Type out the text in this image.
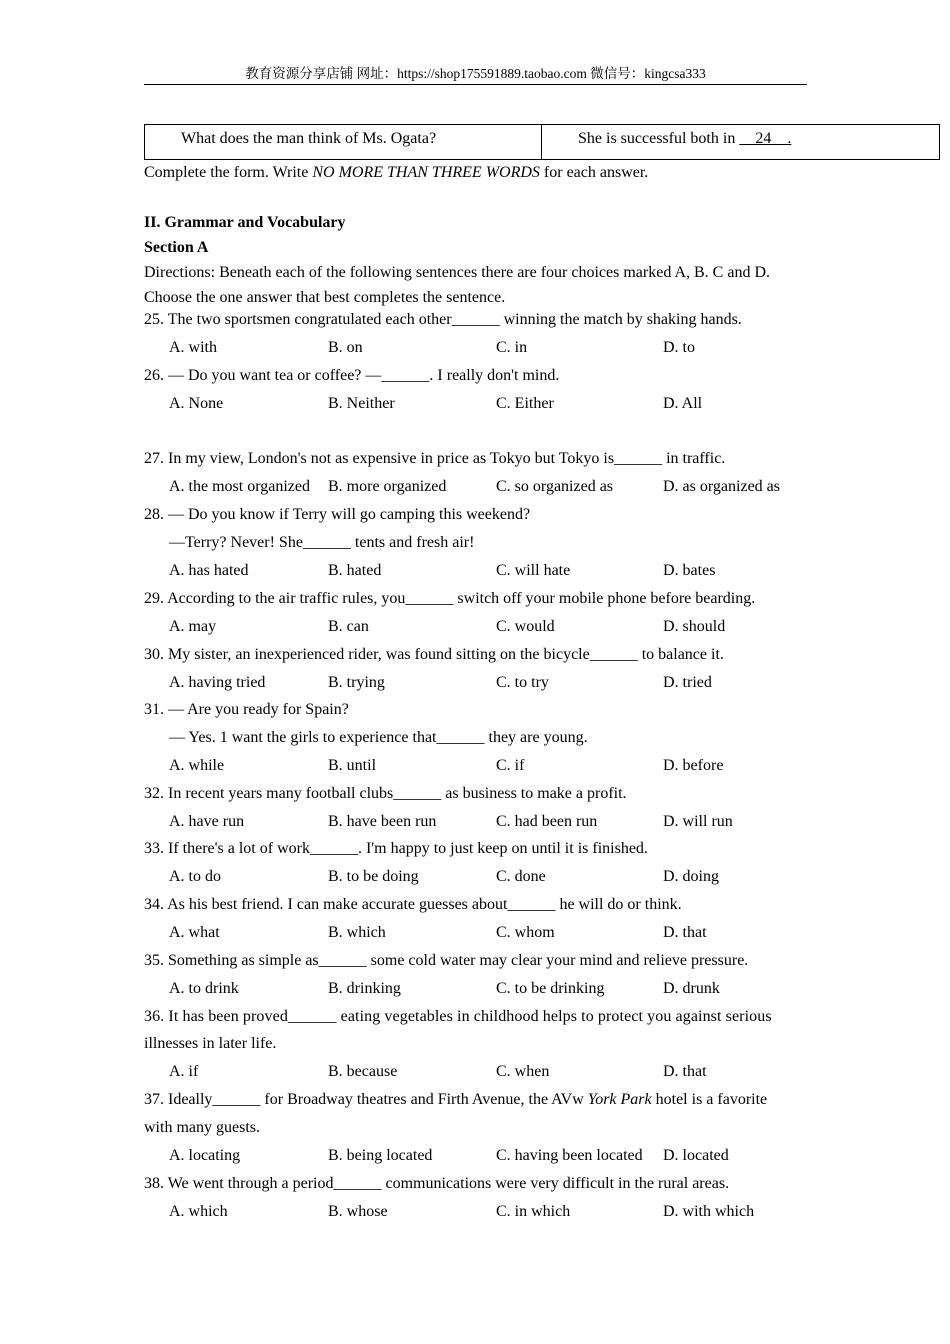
教育资源分享店铺 网址：https://shop175591889.taobao.com 微信号：kingcsa333
What does the man think of Ms. Ogata?	She is successful both in __24__.
Complete the form. Write NO MORE THAN THREE WORDS for each answer.
II. Grammar and Vocabulary
Section A
Directions: Beneath each of the following sentences there are four choices marked A, B. C and D.
Choose the one answer that best completes the sentence.
25. The two sportsmen congratulated each other______ winning the match by shaking hands.
A. with	B. on	C. in	D. to
26. — Do you want tea or coffee? —______. I really don't mind.
A. None	B. Neither	C. Either	D. All
27. In my view, London's not as expensive in price as Tokyo but Tokyo is______ in traffic.
A. the most organized B. more organized	C. so organized as	D. as organized as
28. — Do you know if Terry will go camping this weekend?
—Terry? Never! She______ tents and fresh air!
A. has hated	B. hated	C. will hate	D. bates
29. According to the air traffic rules, you______ switch off your mobile phone before bearding.
A. may	B. can	C. would	D. should
30. My sister, an inexperienced rider, was found sitting on the bicycle______ to balance it.
A. having tried	B. trying	C. to try	D. tried
31. — Are you ready for Spain?
— Yes. 1 want the girls to experience that______ they are young.
A. while	B. until	C. if	D. before
32. In recent years many football clubs______ as business to make a profit.
A. have run	B. have been run	C. had been run	D. will run
33. If there's a lot of work______. I'm happy to just keep on until it is finished.
A. to do	B. to be doing	C. done	D. doing
34. As his best friend. I can make accurate guesses about______ he will do or think.
A. what	B. which	C. whom	D. that
35. Something as simple as______ some cold water may clear your mind and relieve pressure.
A. to drink	B. drinking	C. to be drinking	D. drunk
36. It has been proved______ eating vegetables in childhood helps to protect you against serious
illnesses in later life.
A. if	B. because	C. when	D. that
37. Ideally______ for Broadway theatres and Firth Avenue, the AVw York Park hotel is a favorite
with many guests.
A. locating	B. being located	C. having been located D. located
38. We went through a period______ communications were very difficult in the rural areas.
A. which	B. whose	C. in which	D. with which
